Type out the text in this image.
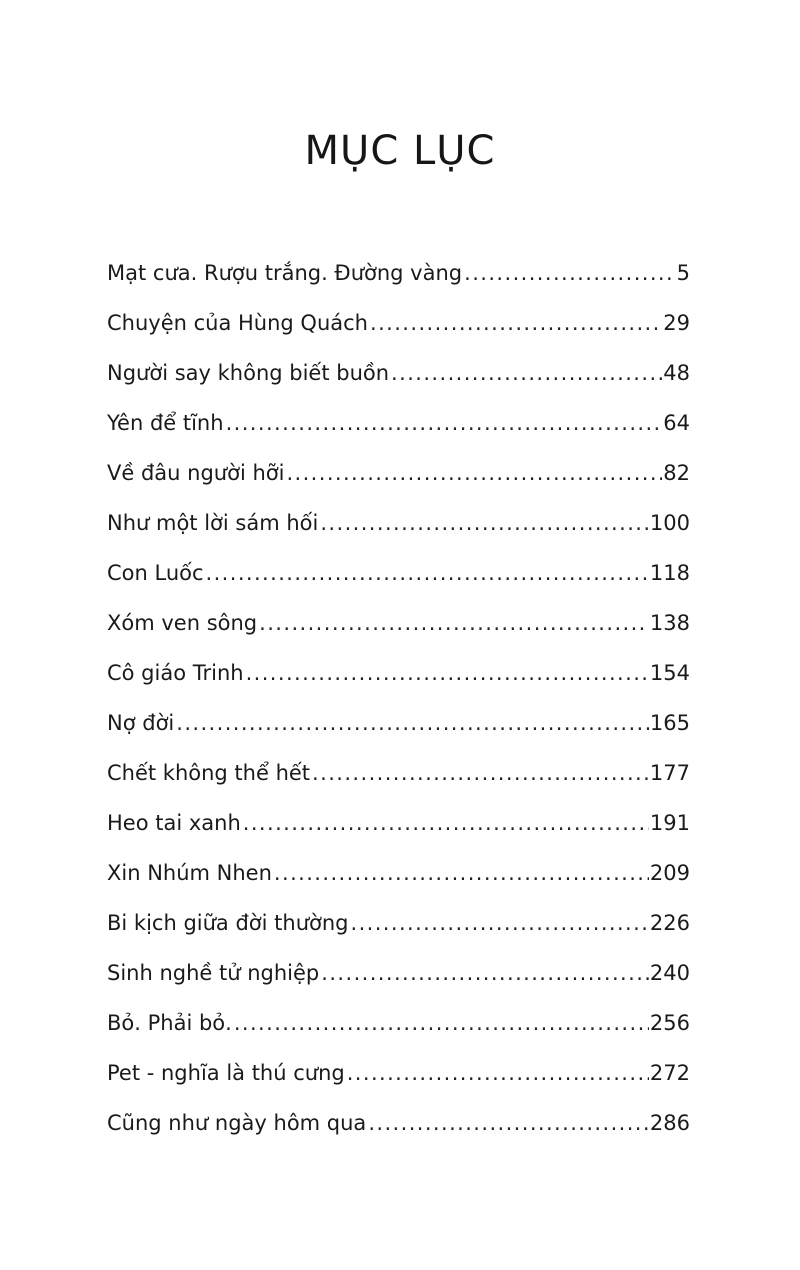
MỤC LỤC
Mạt cưa. Rượu trắng. Đường vàng .....	5
Chuyện của Hùng Quách .....	29
Người say không biết buồn .....	48
Yên để tĩnh .....	64
Về đâu người hỡi .....	82
Như một lời sám hối .....	100
Con Luốc .....	118
Xóm ven sông .....	138
Cô giáo Trinh .....	154
Nợ đời .....	165
Chết không thể hết .....	177
Heo tai xanh .....	191
Xin Nhúm Nhen .....	209
Bi kịch giữa đời thường .....	226
Sinh nghề tử nghiệp .....	240
Bỏ. Phải bỏ. .....	256
Pet - nghĩa là thú cưng .....	272
Cũng như ngày hôm qua .....	286
